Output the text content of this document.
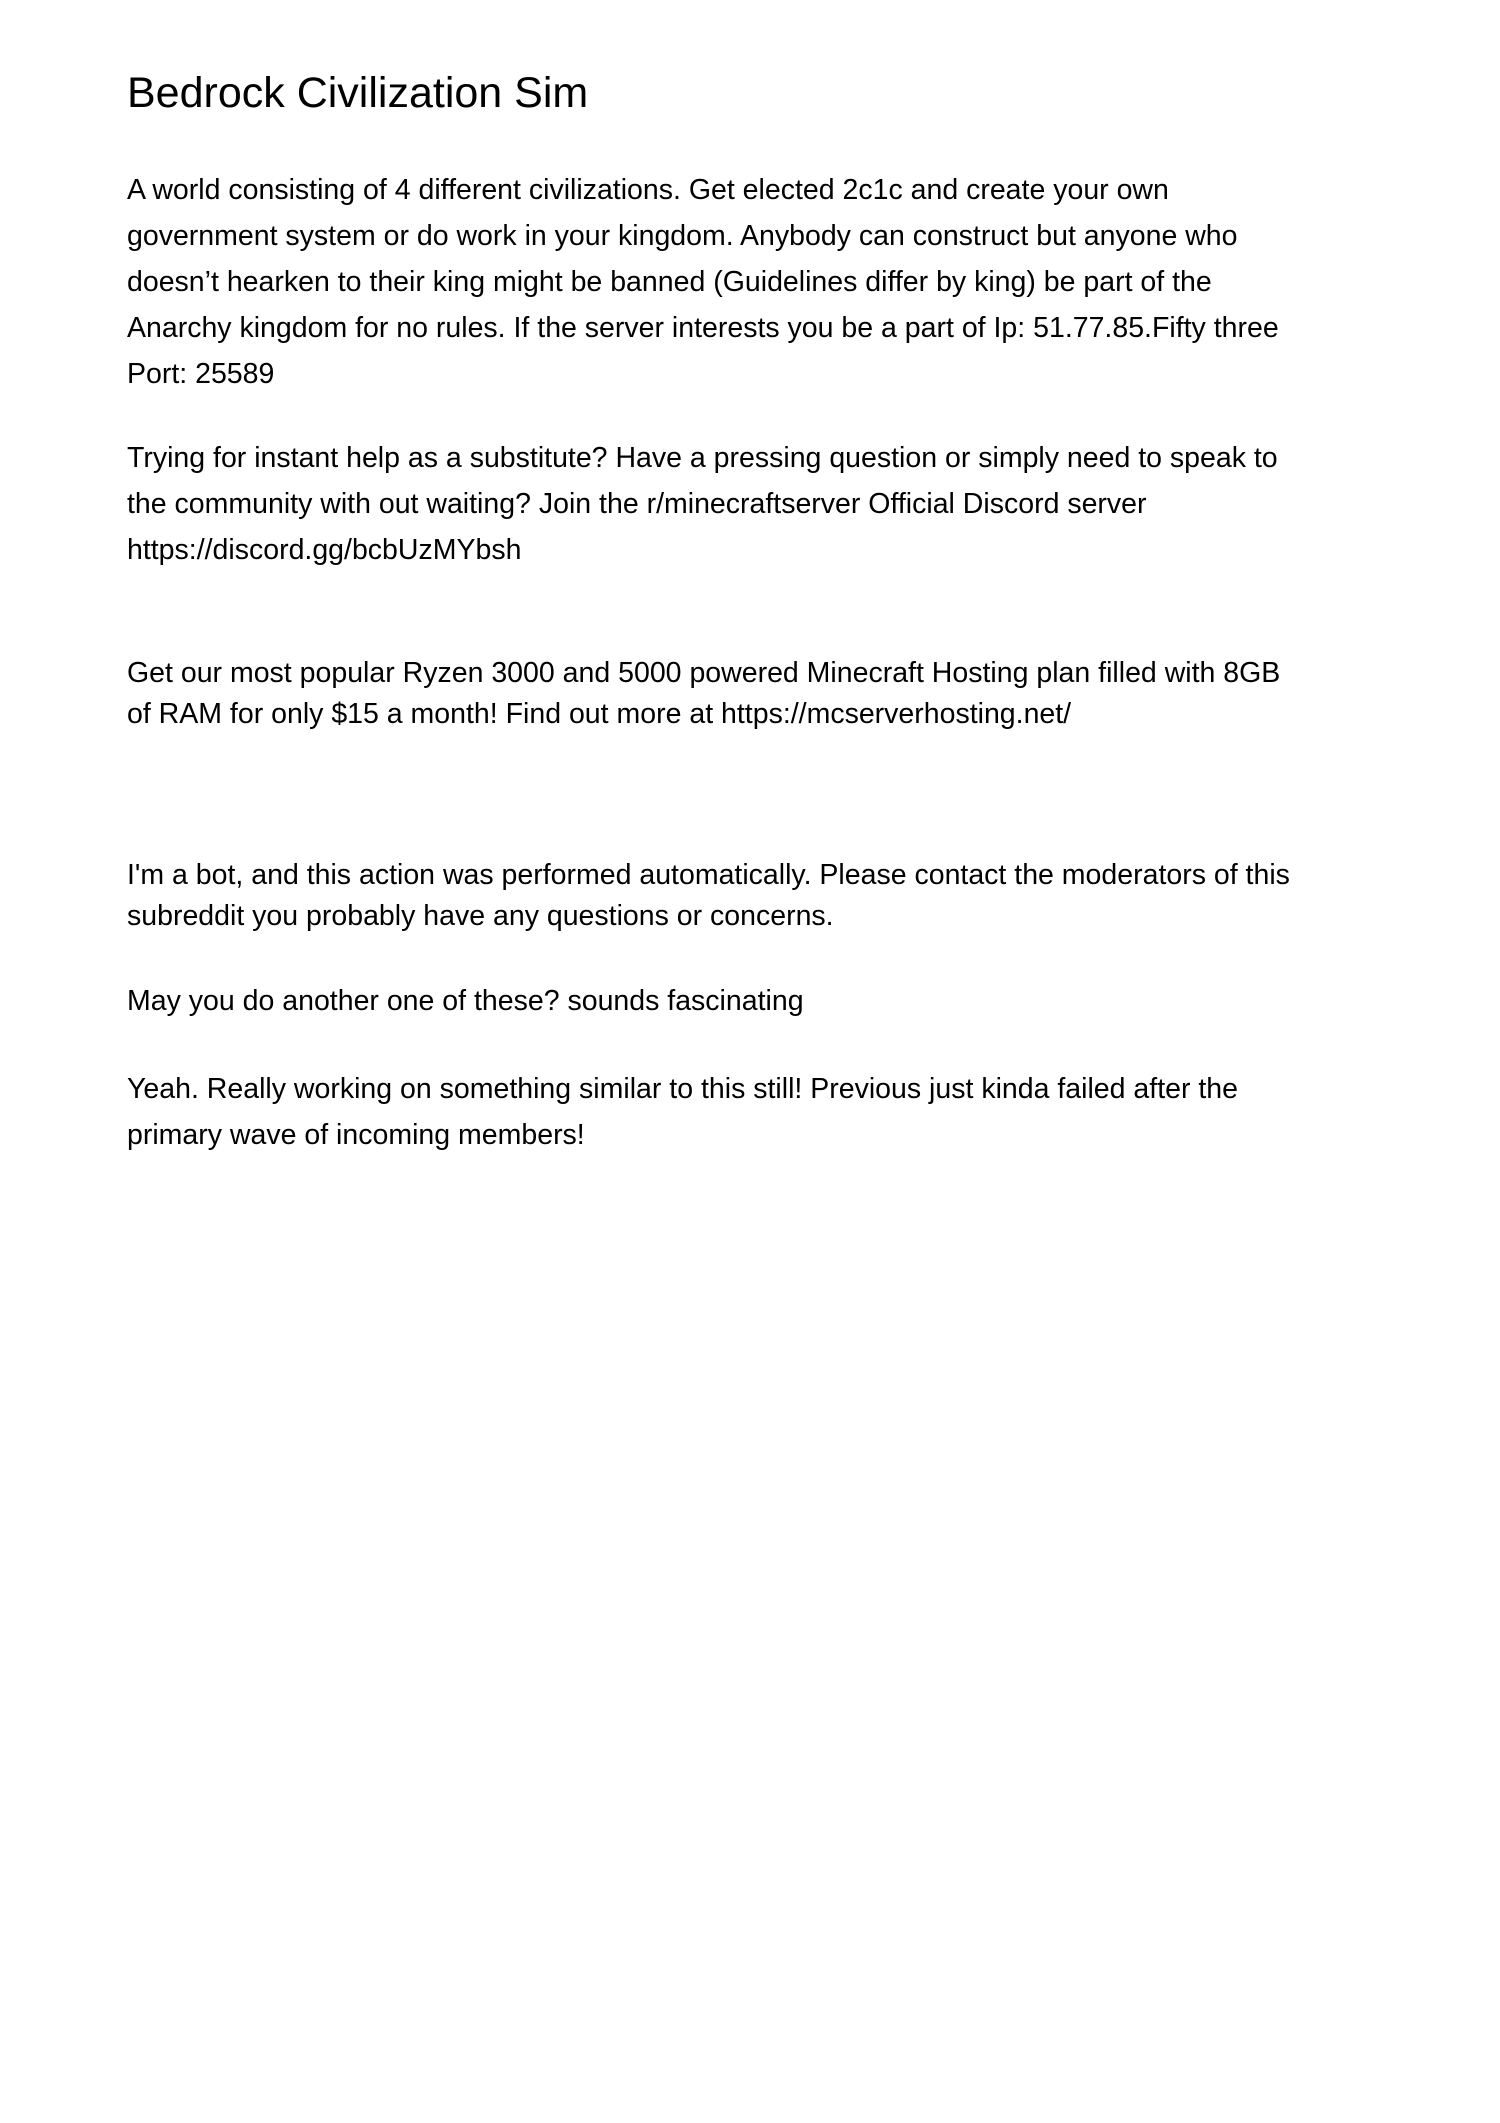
Bedrock Civilization Sim

A world consisting of 4 different civilizations. Get elected 2c1c and create your own
government system or do work in your kingdom. Anybody can construct but anyone who
doesn’t hearken to their king might be banned (Guidelines differ by king) be part of the
Anarchy kingdom for no rules. If the server interests you be a part of Ip: 51.77.85.Fifty three
Port: 25589

Trying for instant help as a substitute? Have a pressing question or simply need to speak to
the community with out waiting? Join the r/minecraftserver Official Discord server
https://discord.gg/bcbUzMYbsh

Get our most popular Ryzen 3000 and 5000 powered Minecraft Hosting plan filled with 8GB
of RAM for only $15 a month! Find out more at https://mcserverhosting.net/

I'm a bot, and this action was performed automatically. Please contact the moderators of this
subreddit you probably have any questions or concerns.

May you do another one of these? sounds fascinating

Yeah. Really working on something similar to this still! Previous just kinda failed after the
primary wave of incoming members!
